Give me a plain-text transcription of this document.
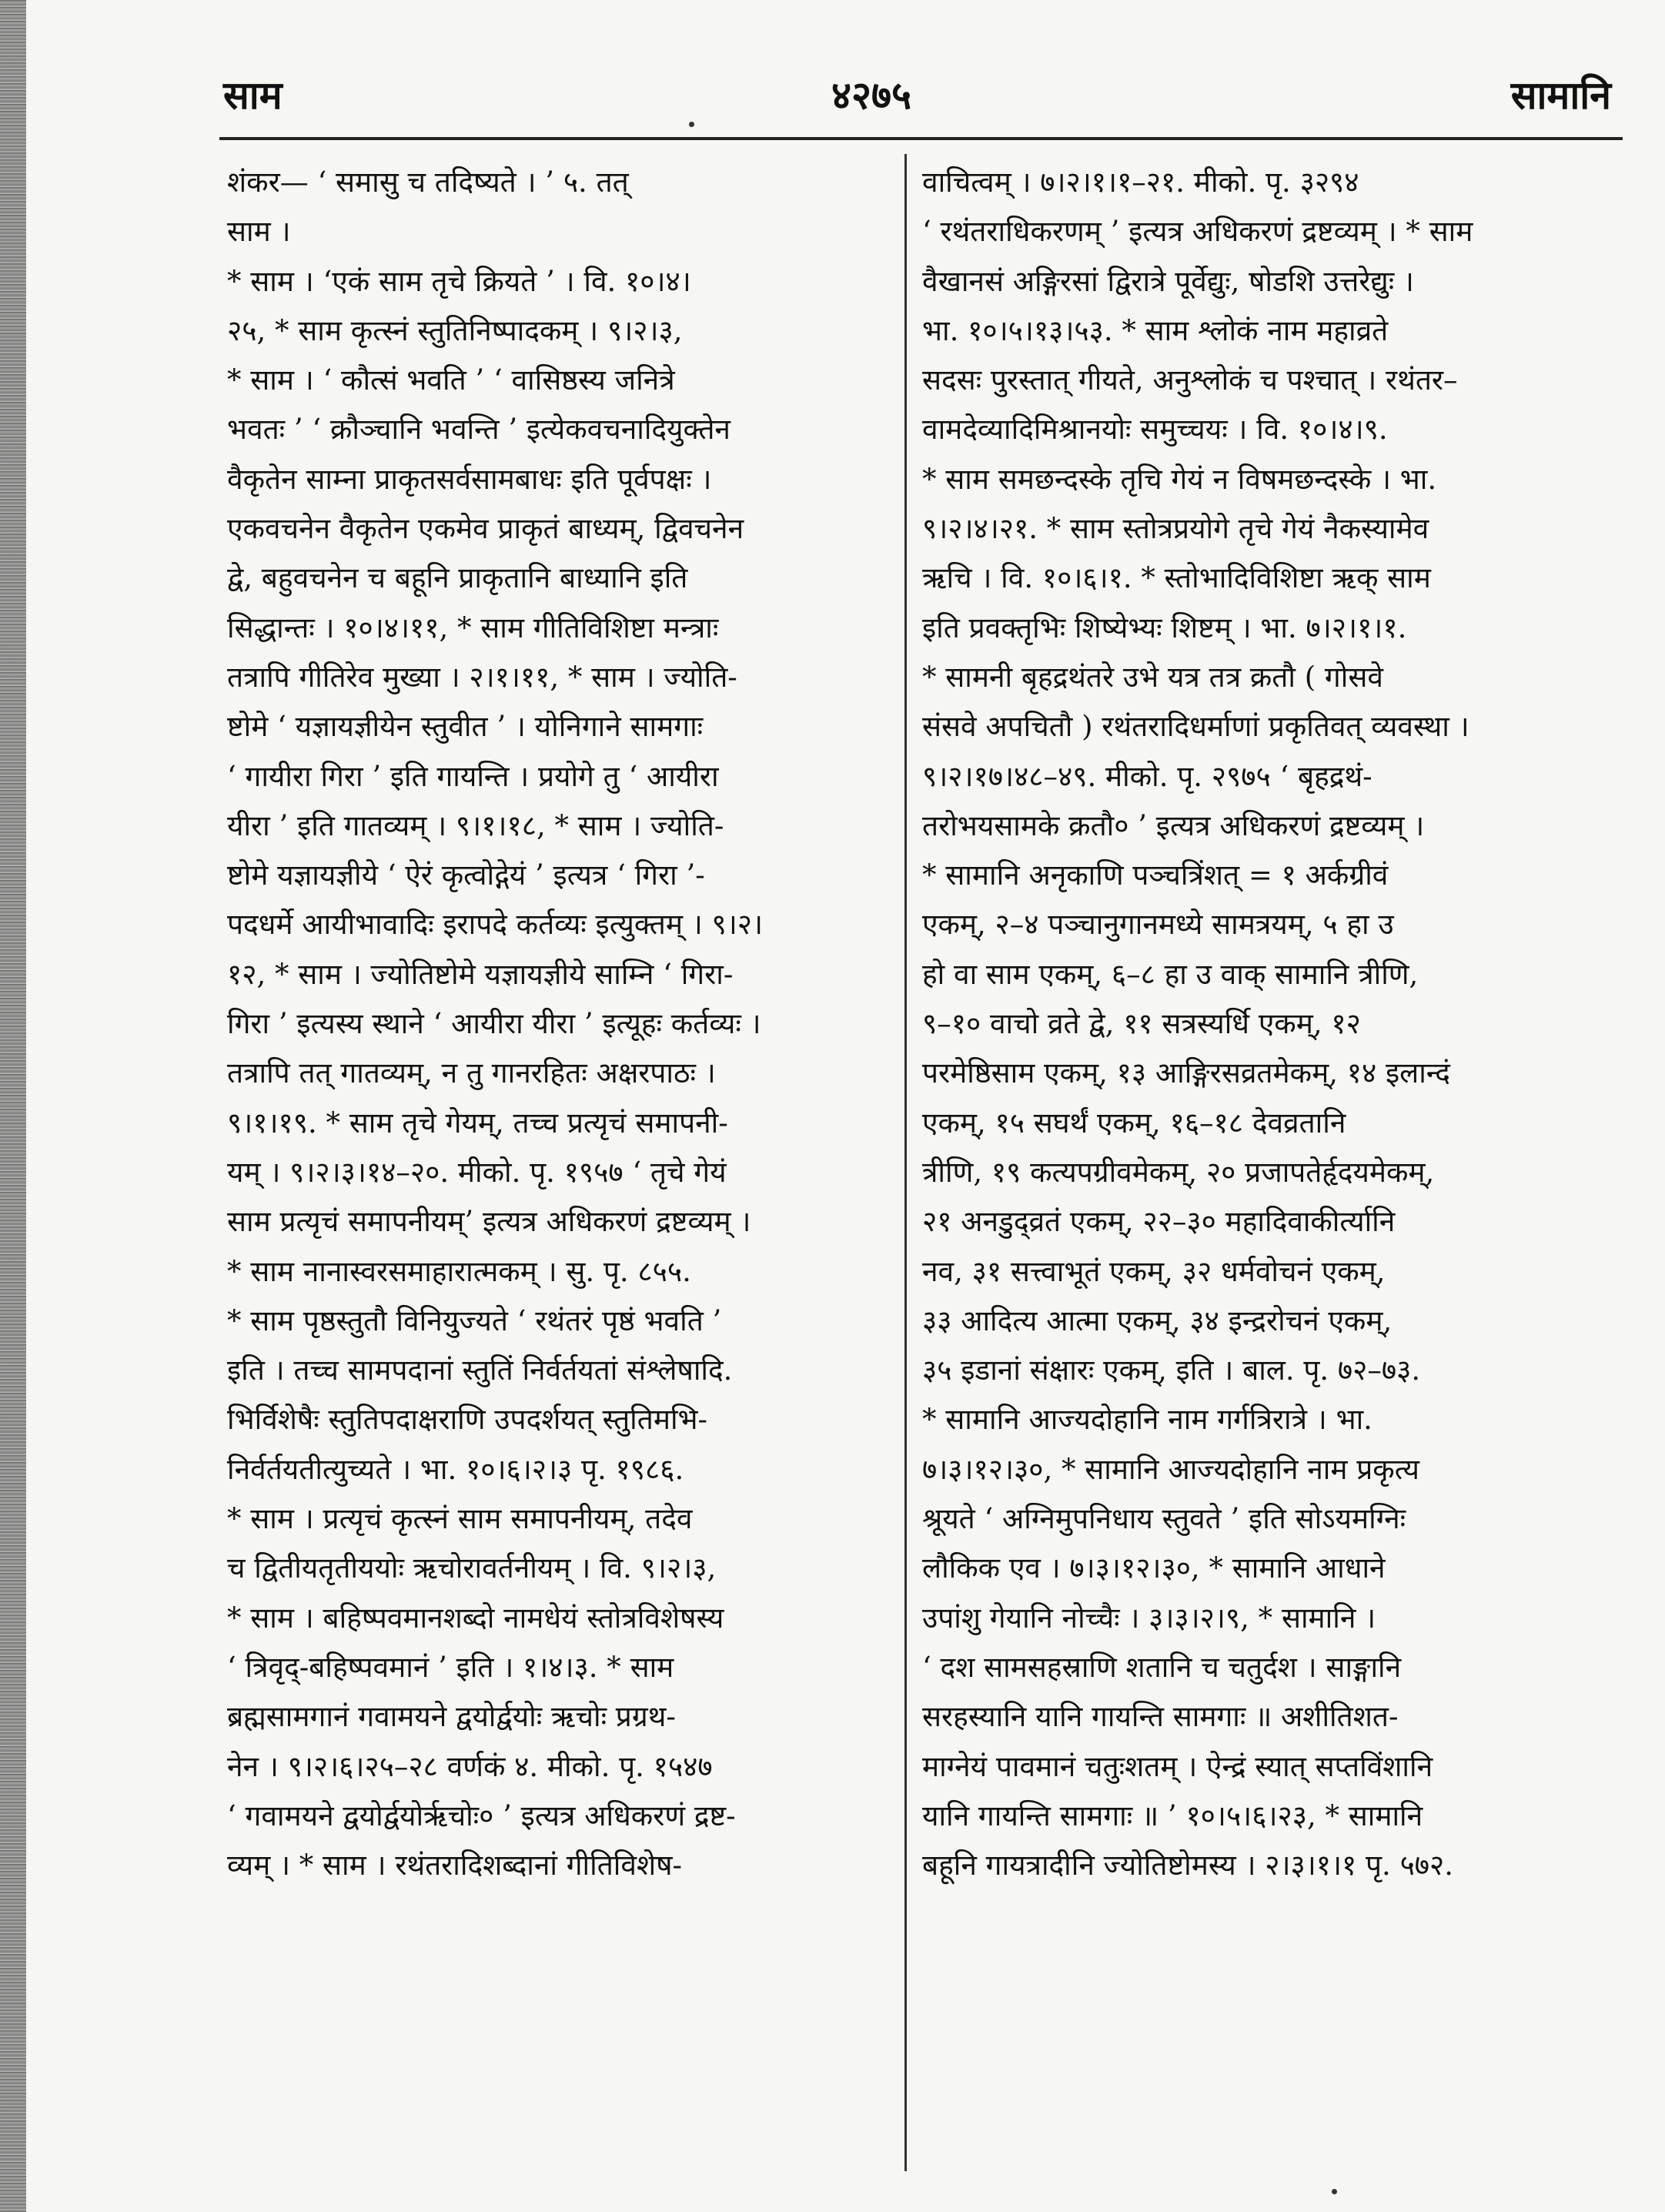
साम	४२७५	सामानि
शंकर— ‘ समासु च तदिष्यते । ’ ५. तत्
साम ।
* साम । ‘एकं साम तृचे क्रियते ’ । वि. १०।४।
२५, * साम कृत्स्नं स्तुतिनिष्पादकम् । ९।२।३,
* साम । ‘ कौत्सं भवति ’ ‘ वासिष्ठस्य जनित्रे
भवतः ’ ‘ क्रौञ्चानि भवन्ति ’ इत्येकवचनादियुक्तेन
वैकृतेन साम्ना प्राकृतसर्वसामबाधः इति पूर्वपक्षः ।
एकवचनेन वैकृतेन एकमेव प्राकृतं बाध्यम्, द्विवचनेन
द्वे, बहुवचनेन च बहूनि प्राकृतानि बाध्यानि इति
सिद्धान्तः । १०।४।११, * साम गीतिविशिष्टा मन्त्राः
तत्रापि गीतिरेव मुख्या । २।१।११, * साम । ज्योति-
ष्टोमे ‘ यज्ञायज्ञीयेन स्तुवीत ’ । योनिगाने सामगाः
‘ गायीरा गिरा ’ इति गायन्ति । प्रयोगे तु ‘ आयीरा
यीरा ’ इति गातव्यम् । ९।१।१८, * साम । ज्योति-
ष्टोमे यज्ञायज्ञीये ‘ ऐरं कृत्वोद्गेयं ’ इत्यत्र ‘ गिरा ’-
पदधर्मे आयीभावादिः इरापदे कर्तव्यः इत्युक्तम् । ९।२।
१२, * साम । ज्योतिष्टोमे यज्ञायज्ञीये साम्नि ‘ गिरा-
गिरा ’ इत्यस्य स्थाने ‘ आयीरा यीरा ’ इत्यूहः कर्तव्यः ।
तत्रापि तत् गातव्यम्, न तु गानरहितः अक्षरपाठः ।
९।१।१९. * साम तृचे गेयम्, तच्च प्रत्यृचं समापनी-
यम् । ९।२।३।१४–२०. मीको. पृ. १९५७ ‘ तृचे गेयं
साम प्रत्यृचं समापनीयम्’ इत्यत्र अधिकरणं द्रष्टव्यम् ।
* साम नानास्वरसमाहारात्मकम् । सु. पृ. ८५५.
* साम पृष्ठस्तुतौ विनियुज्यते ‘ रथंतरं पृष्ठं भवति ’
इति । तच्च सामपदानां स्तुतिं निर्वर्तयतां संश्लेषादि.
भिर्विशेषैः स्तुतिपदाक्षराणि उपदर्शयत् स्तुतिमभि-
निर्वर्तयतीत्युच्यते । भा. १०।६।२।३ पृ. १९८६.
* साम । प्रत्यृचं कृत्स्नं साम समापनीयम्, तदेव
च द्वितीयतृतीययोः ऋचोरावर्तनीयम् । वि. ९।२।३,
* साम । बहिष्पवमानशब्दो नामधेयं स्तोत्रविशेषस्य
‘ त्रिवृद्-बहिष्पवमानं ’ इति । १।४।३. * साम
ब्रह्मसामगानं गवामयने द्वयोर्द्वयोः ऋचोः प्रग्रथ-
नेन । ९।२।६।२५–२८ वर्णकं ४. मीको. पृ. १५४७
‘ गवामयने द्वयोर्द्वयोर्ऋचोः० ’ इत्यत्र अधिकरणं द्रष्ट-
व्यम् । * साम । रथंतरादिशब्दानां गीतिविशेष-
वाचित्वम् । ७।२।१।१–२१. मीको. पृ. ३२९४
‘ रथंतराधिकरणम् ’ इत्यत्र अधिकरणं द्रष्टव्यम् । * साम
वैखानसं अङ्गिरसां द्विरात्रे पूर्वेद्युः, षोडशि उत्तरेद्युः ।
भा. १०।५।१३।५३. * साम श्लोकं नाम महाव्रते
सदसः पुरस्तात् गीयते, अनुश्लोकं च पश्चात् । रथंतर–
वामदेव्यादिमिश्रानयोः समुच्चयः । वि. १०।४।९.
* साम समछन्दस्के तृचि गेयं न विषमछन्दस्के । भा.
९।२।४।२१. * साम स्तोत्रप्रयोगे तृचे गेयं नैकस्यामेव
ऋचि । वि. १०।६।१. * स्तोभादिविशिष्टा ऋक् साम
इति प्रवक्तृभिः शिष्येभ्यः शिष्टम् । भा. ७।२।१।१.
* सामनी बृहद्रथंतरे उभे यत्र तत्र क्रतौ ( गोसवे
संसवे अपचितौ ) रथंतरादिधर्माणां प्रकृतिवत् व्यवस्था ।
९।२।१७।४८–४९. मीको. पृ. २९७५ ‘ बृहद्रथं-
तरोभयसामके क्रतौ० ’ इत्यत्र अधिकरणं द्रष्टव्यम् ।
* सामानि अनृकाणि पञ्चत्रिंशत् = १ अर्कग्रीवं
एकम्, २–४ पञ्चानुगानमध्ये सामत्रयम्, ५ हा उ
हो वा साम एकम्, ६–८ हा उ वाक् सामानि त्रीणि,
९–१० वाचो व्रते द्वे, ११ सत्रस्यर्धि एकम्, १२
परमेष्ठिसाम एकम्, १३ आङ्गिरसव्रतमेकम्, १४ इलान्दं
एकम्, १५ सघर्थं एकम्, १६–१८ देवव्रतानि
त्रीणि, १९ कत्यपग्रीवमेकम्, २० प्रजापतेर्हृदयमेकम्,
२१ अनडुद्व्रतं एकम्, २२–३० महादिवाकीर्त्यानि
नव, ३१ सत्त्वाभूतं एकम्, ३२ धर्मवोचनं एकम्,
३३ आदित्य आत्मा एकम्, ३४ इन्द्ररोचनं एकम्,
३५ इडानां संक्षारः एकम्, इति । बाल. पृ. ७२–७३.
* सामानि आज्यदोहानि नाम गर्गत्रिरात्रे । भा.
७।३।१२।३०, * सामानि आज्यदोहानि नाम प्रकृत्य
श्रूयते ‘ अग्निमुपनिधाय स्तुवते ’ इति सोऽयमग्निः
लौकिक एव । ७।३।१२।३०, * सामानि आधाने
उपांशु गेयानि नोच्चैः । ३।३।२।९, * सामानि ।
‘ दश सामसहस्राणि शतानि च चतुर्दश । साङ्गानि
सरहस्यानि यानि गायन्ति सामगाः ॥ अशीतिशत-
माग्नेयं पावमानं चतुःशतम् । ऐन्द्रं स्यात् सप्तविंशानि
यानि गायन्ति सामगाः ॥ ’ १०।५।६।२३, * सामानि
बहूनि गायत्रादीनि ज्योतिष्टोमस्य । २।३।१।१ पृ. ५७२.
